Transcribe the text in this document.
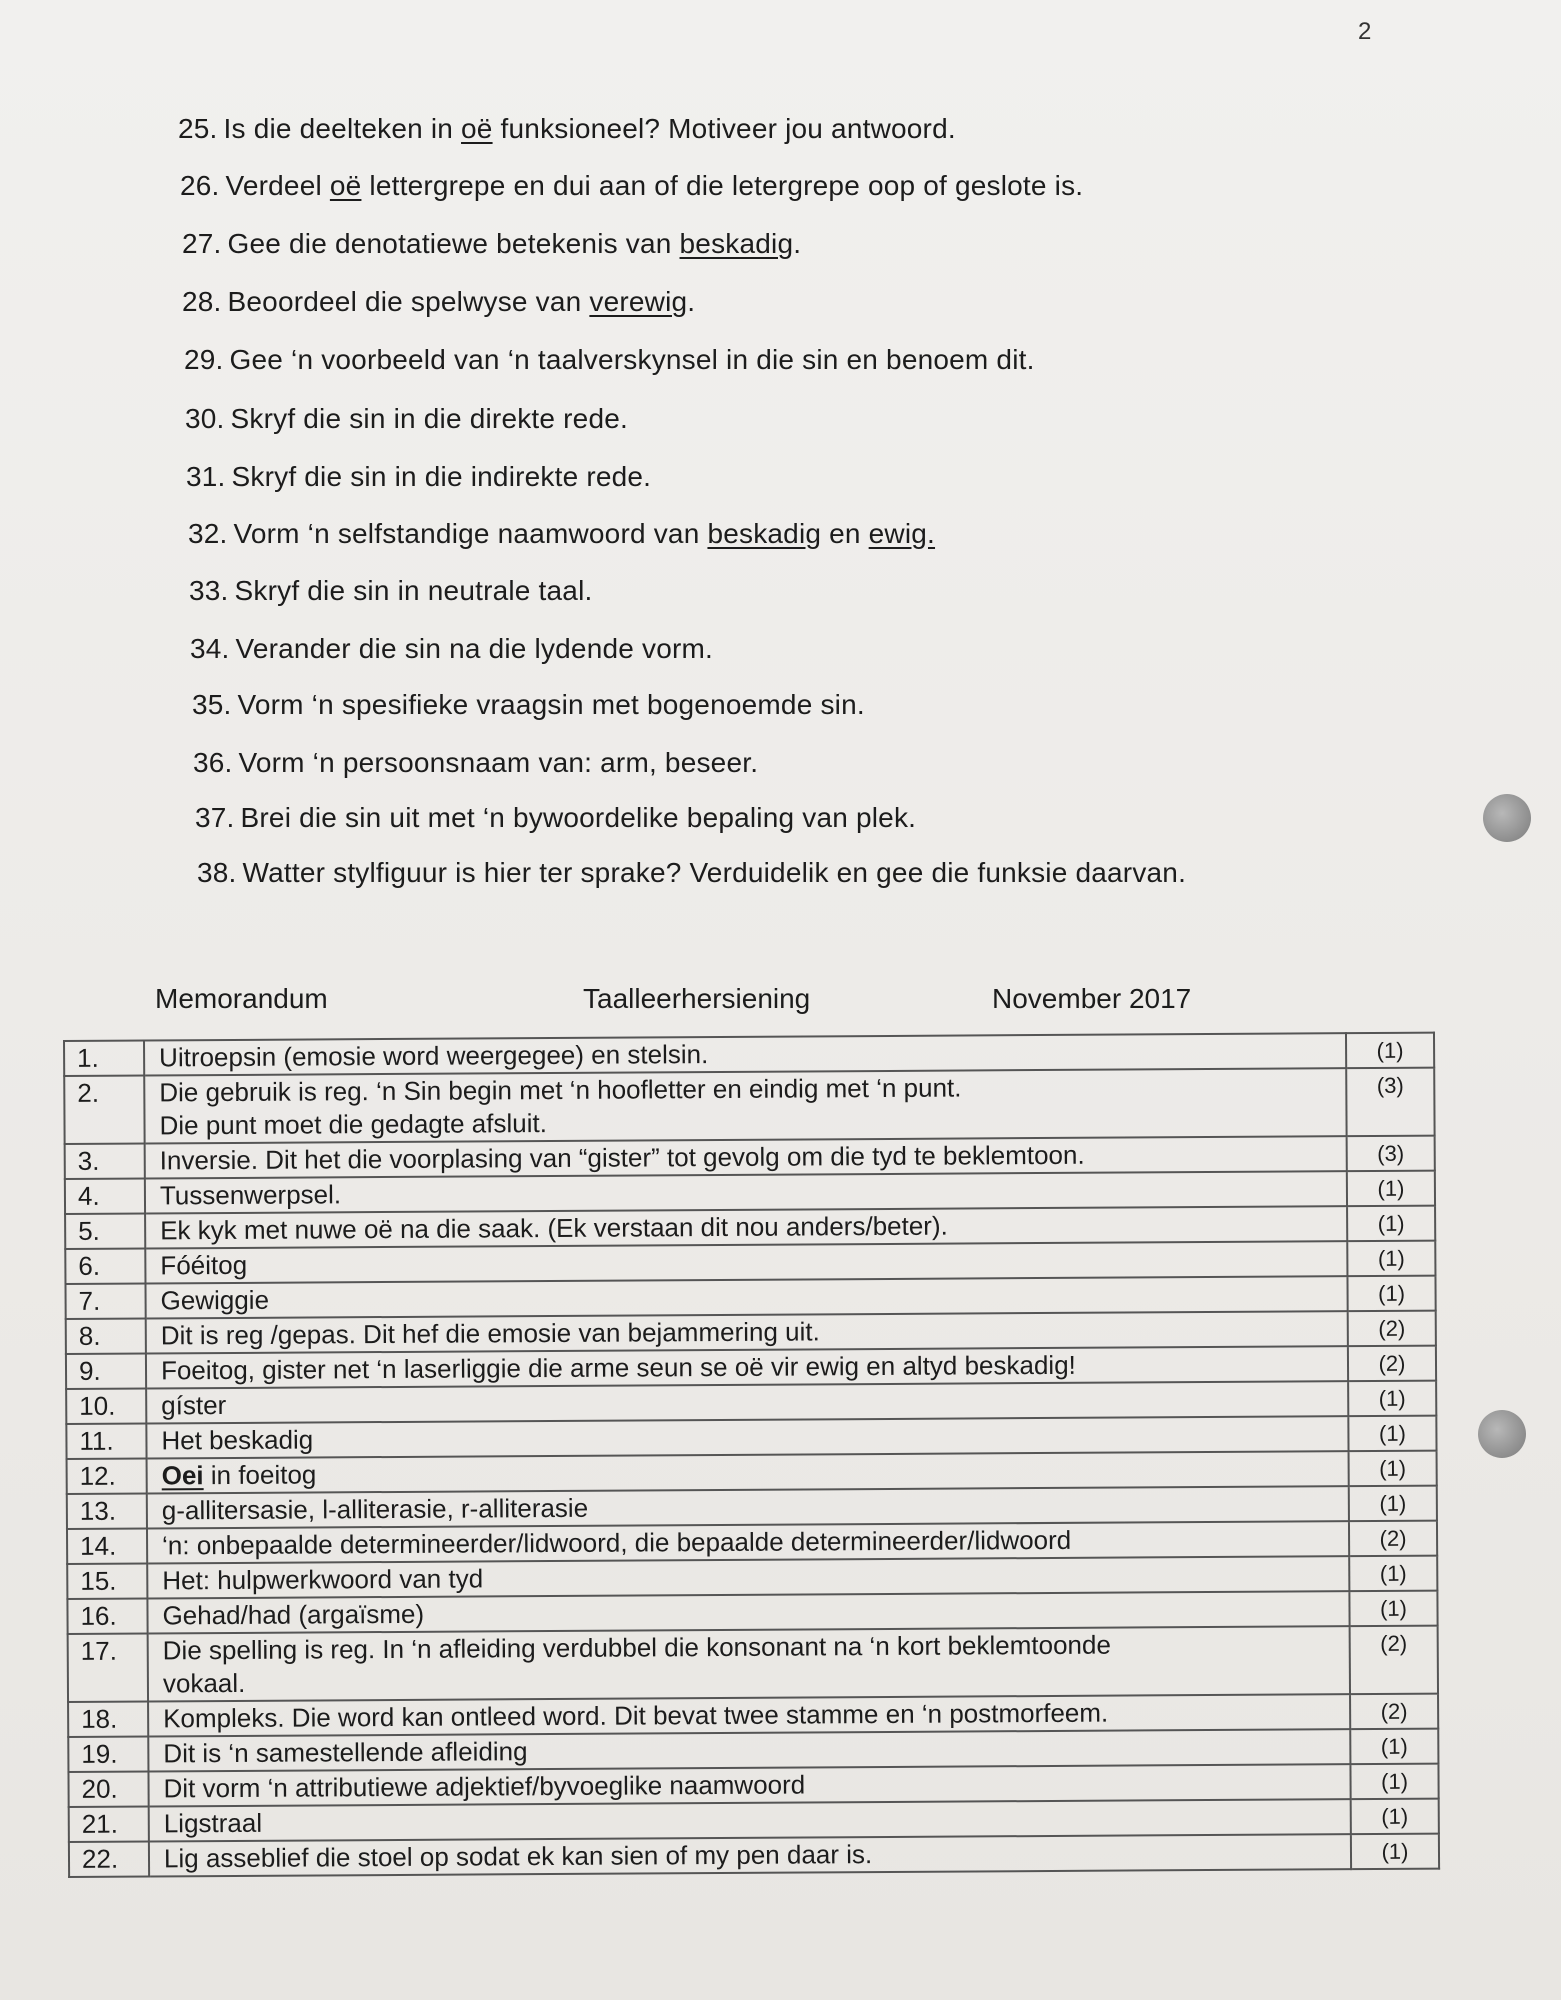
2
25. Is die deelteken in oë funksioneel? Motiveer jou antwoord.
26. Verdeel oë lettergrepe en dui aan of die letergrepe oop of geslote is.
27. Gee die denotatiewe betekenis van beskadig.
28. Beoordeel die spelwyse van verewig.
29. Gee ‘n voorbeeld van ‘n taalverskynsel in die sin en benoem dit.
30. Skryf die sin in die direkte rede.
31. Skryf die sin in die indirekte rede.
32. Vorm ‘n selfstandige naamwoord van beskadig en ewig.
33. Skryf die sin in neutrale taal.
34. Verander die sin na die lydende vorm.
35. Vorm ‘n spesifieke vraagsin met bogenoemde sin.
36. Vorm ‘n persoonsnaam van: arm, beseer.
37. Brei die sin uit met ‘n bywoordelike bepaling van plek.
38. Watter stylfiguur is hier ter sprake? Verduidelik en gee die funksie daarvan.
Memorandum	Taalleerhersiening	November 2017
1.	Uitroepsin (emosie word weergegee) en stelsin.	(1)
2.	Die gebruik is reg. ‘n Sin begin met ‘n hoofletter en eindig met ‘n punt.
Die punt moet die gedagte afsluit.	(3)
3.	Inversie. Dit het die voorplasing van “gister” tot gevolg om die tyd te beklemtoon.	(3)
4.	Tussenwerpsel.	(1)
5.	Ek kyk met nuwe oë na die saak. (Ek verstaan dit nou anders/beter).	(1)
6.	Fóéitog	(1)
7.	Gewiggie	(1)
8.	Dit is reg /gepas. Dit hef die emosie van bejammering uit.	(2)
9.	Foeitog, gister net ‘n laserliggie die arme seun se oë vir ewig en altyd beskadig!	(2)
10.	gíster	(1)
11.	Het beskadig	(1)
12.	Oei in foeitog	(1)
13.	g-allitersasie, l-alliterasie, r-alliterasie	(1)
14.	‘n: onbepaalde determineerder/lidwoord, die bepaalde determineerder/lidwoord	(2)
15.	Het: hulpwerkwoord van tyd	(1)
16.	Gehad/had (argaïsme)	(1)
17.	Die spelling is reg. In ‘n afleiding verdubbel die konsonant na ‘n kort beklemtoonde
vokaal.	(2)
18.	Kompleks. Die word kan ontleed word. Dit bevat twee stamme en ‘n postmorfeem.	(2)
19.	Dit is ‘n samestellende afleiding	(1)
20.	Dit vorm ‘n attributiewe adjektief/byvoeglike naamwoord	(1)
21.	Ligstraal	(1)
22.	Lig asseblief die stoel op sodat ek kan sien of my pen daar is.	(1)
